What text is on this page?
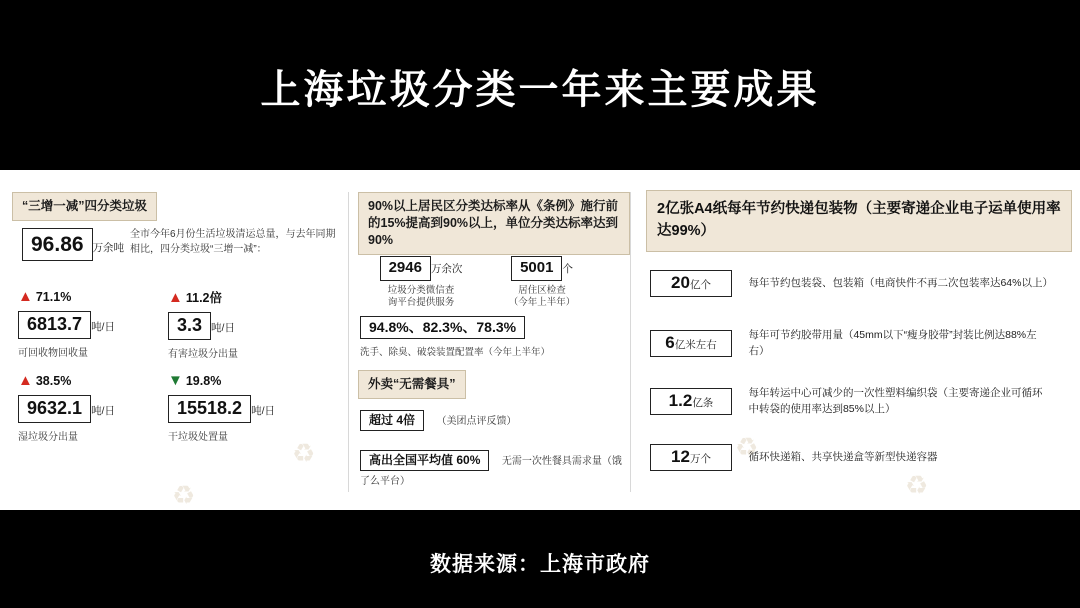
上海垃圾分类一年来主要成果
♻
♻	♻
♻
“三增一减”四分类垃圾
96.86 万余吨
全市今年6月份生活垃圾清运总量，与去年同期相比，四分类垃圾“三增一减”：
▲ 71.1%
6813.7 吨/日
可回收物回收量
▲ 11.2倍
3.3 吨/日
有害垃圾分出量
▲ 38.5%
9632.1 吨/日
湿垃圾分出量
▼ 19.8%
15518.2 吨/日
干垃圾处置量
90%以上居民区分类达标率从《条例》施行前的15%提高到90%以上，单位分类达标率达到90%
2946 万余次
垃圾分类微信查
询平台提供服务
5001 个
居住区检查
（今年上半年）
94.8%、82.3%、78.3%
洗手、除臭、破袋装置配置率（今年上半年）
外卖“无需餐具”
超过 4倍 （美团点评反馈）
高出全国平均值 60% 无需一次性餐具需求量（饿了么平台）
2亿张A4纸每年节约快递包装物（主要寄递企业电子运单使用率达99%）
20亿个	每年节约包装袋、包装箱（电商快件不再二次包装率达64%以上）
6亿米左右 每年可节约胶带用量（45mm以下“瘦身胶带”封装比例达88%左右）
1.2亿条 每年转运中心可减少的一次性塑料编织袋（主要寄递企业可循环中转袋的使用率达到85%以上）
12万个	循环快递箱、共享快递盒等新型快递容器
数据来源：上海市政府
